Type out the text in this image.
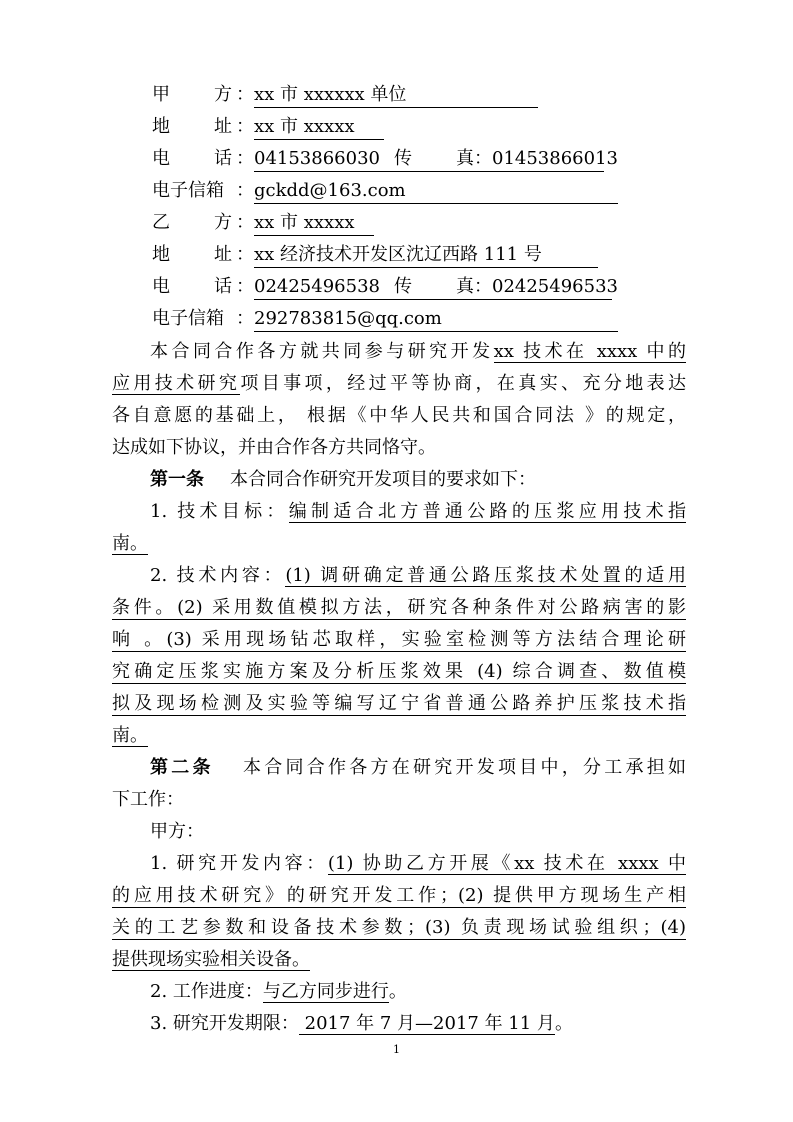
甲 方 ：xx 市 xxxxxx 单位
地 址 ：xx 市 xxxxx
电 话 ：04153866030 传 真：01453866013
电子信箱 ：gckdd@163.com
乙 方 ：xx 市 xxxxx
地 址 ：xx 经济技术开发区沈辽西路 111 号
电 话 ：02425496538 传 真：02425496533
电子信箱 ：292783815@qq.com
本合同合作各方就共同参与研究开发xx 技术在 xxxx 中的
应用技术研究项目事项，经过平等协商，在真实、充分地表达
各自意愿的基础上， 根据《中华人民共和国合同法 》的规定，
达成如下协议，并由合作各方共同恪守。
第一条 本合同合作研究开发项目的要求如下：
1. 技术目标：编制适合北方普通公路的压浆应用技术指
南。
2. 技术内容：(1) 调研确定普通公路压浆技术处置的适用
条件。(2) 采用数值模拟方法，研究各种条件对公路病害的影
响 。(3) 采用现场钻芯取样，实验室检测等方法结合理论研
究确定压浆实施方案及分析压浆效果 (4) 综合调查、数值模
拟及现场检测及实验等编写辽宁省普通公路养护压浆技术指
南。
第二条 本合同合作各方在研究开发项目中，分工承担如
下工作：
甲方：
1. 研究开发内容：(1) 协助乙方开展《xx 技术在 xxxx 中
的应用技术研究》的研究开发工作；(2) 提供甲方现场生产相
关的工艺参数和设备技术参数；(3) 负责现场试验组织；(4)
提供现场实验相关设备。
2. 工作进度：与乙方同步进行。
3. 研究开发期限： 2017 年 7 月—2017 年 11 月。
1
